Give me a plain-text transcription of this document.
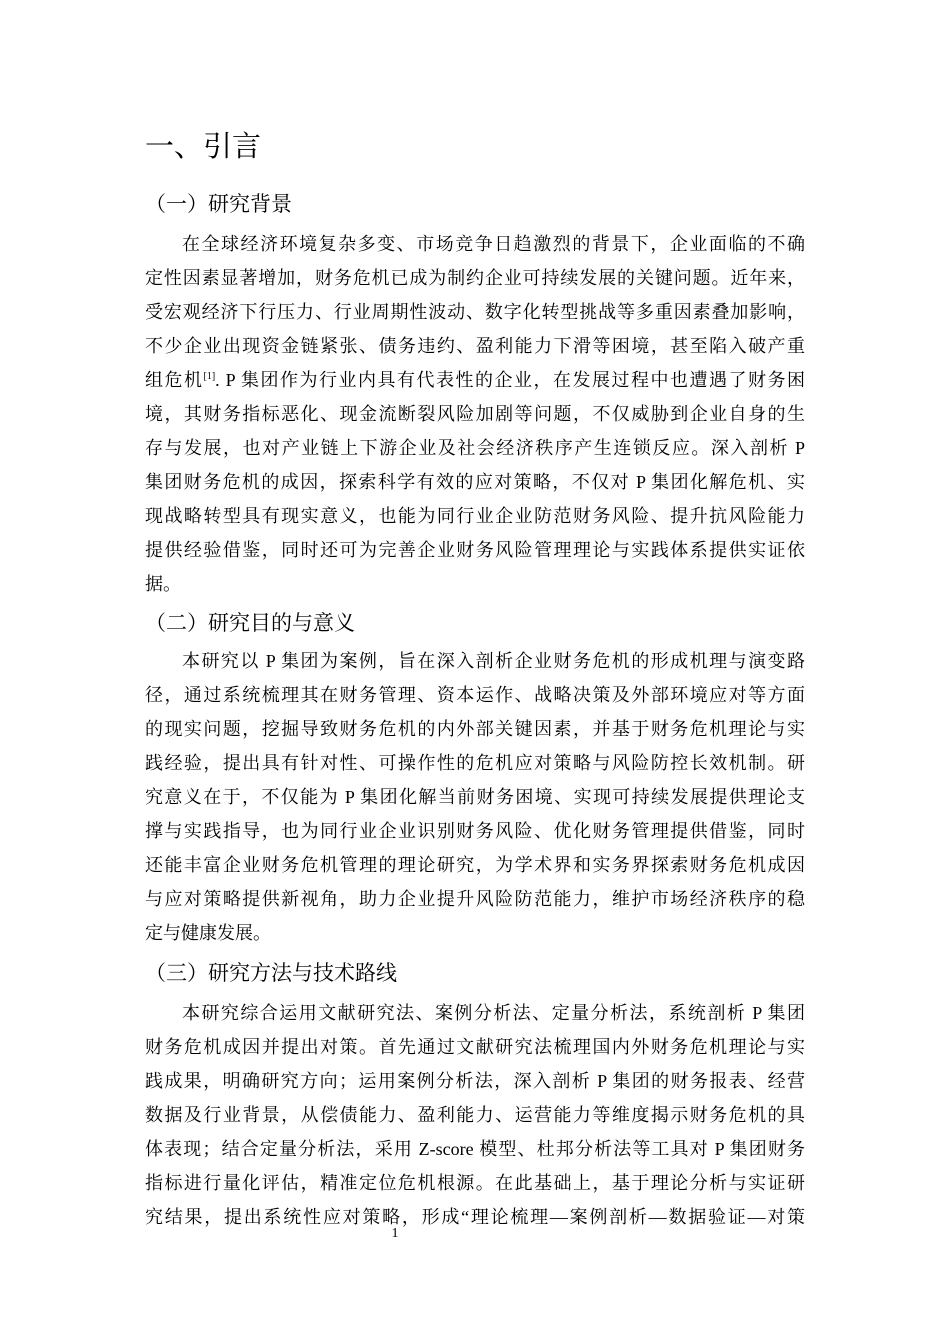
一、引言
（一）研究背景
在全球经济环境复杂多变、市场竞争日趋激烈的背景下，企业面临的不确
定性因素显著增加，财务危机已成为制约企业可持续发展的关键问题。近年来，
受宏观经济下行压力、行业周期性波动、数字化转型挑战等多重因素叠加影响，
不少企业出现资金链紧张、债务违约、盈利能力下滑等困境，甚至陷入破产重
组危机[1]. P 集团作为行业内具有代表性的企业，在发展过程中也遭遇了财务困
境，其财务指标恶化、现金流断裂风险加剧等问题，不仅威胁到企业自身的生
存与发展，也对产业链上下游企业及社会经济秩序产生连锁反应。深入剖析 P
集团财务危机的成因，探索科学有效的应对策略，不仅对 P 集团化解危机、实
现战略转型具有现实意义，也能为同行业企业防范财务风险、提升抗风险能力
提供经验借鉴，同时还可为完善企业财务风险管理理论与实践体系提供实证依
据。
（二）研究目的与意义
本研究以 P 集团为案例，旨在深入剖析企业财务危机的形成机理与演变路
径，通过系统梳理其在财务管理、资本运作、战略决策及外部环境应对等方面
的现实问题，挖掘导致财务危机的内外部关键因素，并基于财务危机理论与实
践经验，提出具有针对性、可操作性的危机应对策略与风险防控长效机制。研
究意义在于，不仅能为 P 集团化解当前财务困境、实现可持续发展提供理论支
撑与实践指导，也为同行业企业识别财务风险、优化财务管理提供借鉴，同时
还能丰富企业财务危机管理的理论研究，为学术界和实务界探索财务危机成因
与应对策略提供新视角，助力企业提升风险防范能力，维护市场经济秩序的稳
定与健康发展。
（三）研究方法与技术路线
本研究综合运用文献研究法、案例分析法、定量分析法，系统剖析 P 集团
财务危机成因并提出对策。首先通过文献研究法梳理国内外财务危机理论与实
践成果，明确研究方向；运用案例分析法，深入剖析 P 集团的财务报表、经营
数据及行业背景，从偿债能力、盈利能力、运营能力等维度揭示财务危机的具
体表现；结合定量分析法，采用 Z-score 模型、杜邦分析法等工具对 P 集团财务
指标进行量化评估，精准定位危机根源。在此基础上，基于理论分析与实证研
究结果，提出系统性应对策略，形成“理论梳理—案例剖析—数据验证—对策
1
